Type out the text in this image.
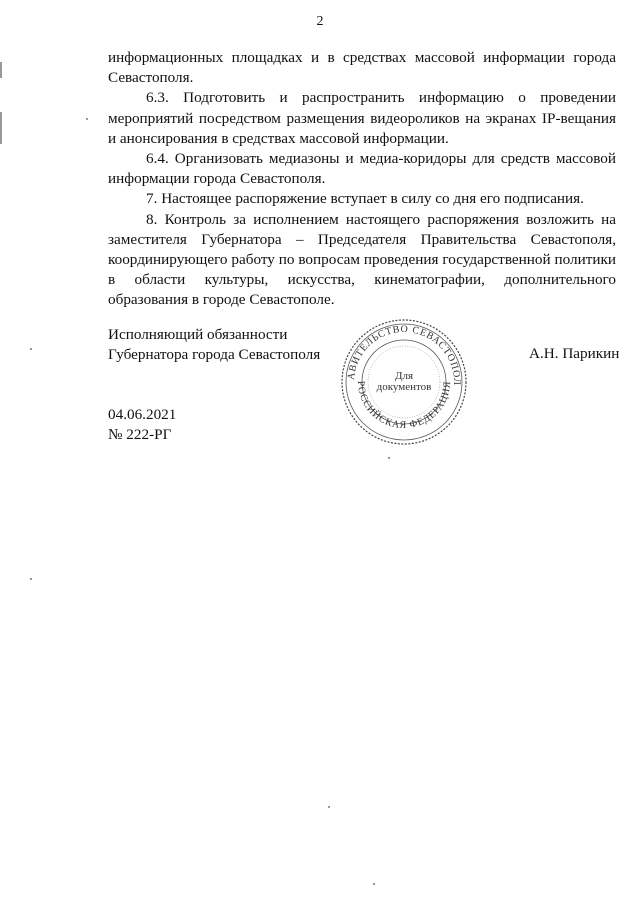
2

информационных площадках и в средствах массовой информации города Севастополя.

6.3. Подготовить и распространить информацию о проведении мероприятий посредством размещения видеороликов на экранах IP-вещания и анонсирования в средствах массовой информации.

6.4. Организовать медиазоны и медиа-коридоры для средств массовой информации города Севастополя.

7. Настоящее распоряжение вступает в силу со дня его подписания.

8. Контроль за исполнением настоящего распоряжения возложить на заместителя Губернатора – Председателя Правительства Севастополя, координирующего работу по вопросам проведения государственной политики в области культуры, искусства, кинематографии, дополнительного образования в городе Севастополе.

Исполняющий обязанности
Губернатора города Севастополя
АВИТЕЛЬСТВО СЕВАСТОПОЛ
РОССИЙСКАЯ ФЕДЕРАЦИЯ
Для
документов
А.Н. Парикин
04.06.2021
№ 222-РГ
